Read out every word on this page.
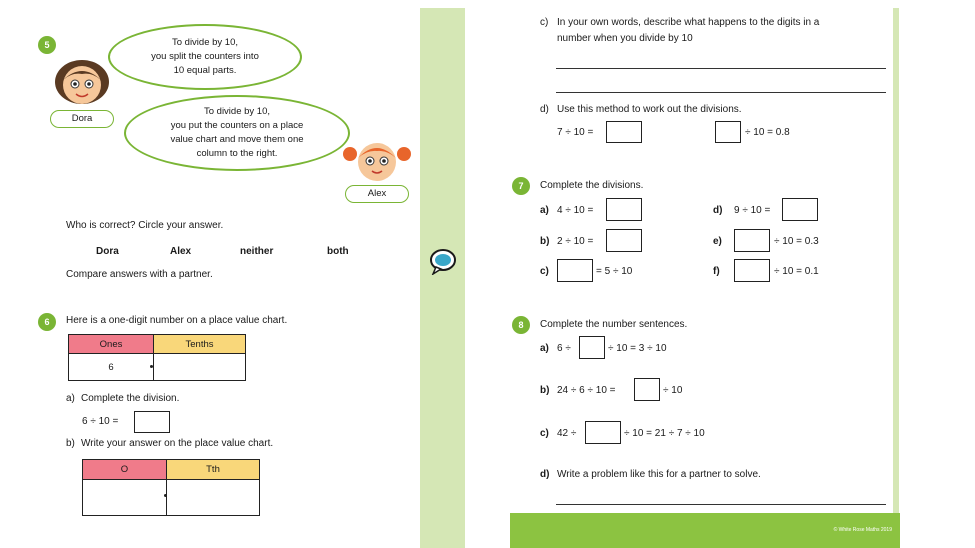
© White Rose Maths 2019
5
Dora
To divide by 10,
you split the counters into
10 equal parts.
To divide by 10,
you put the counters on a place
value chart and move them one
column to the right.
Alex
Who is correct? Circle your answer.
Dora	Alex	neither	both
Compare answers with a partner.
6	Here is a one-digit number on a place value chart.
Ones	Tenths
6	
a) Complete the division.
6 ÷ 10 =
b) Write your answer on the place value chart.
O	Tth

c) In your own words, describe what happens to the digits in a
number when you divide by 10
d) Use this method to work out the divisions.
7 ÷ 10 =	÷ 10 = 0.8
7	Complete the divisions.
a) 4 ÷ 10 =	d) 9 ÷ 10 =
b) 2 ÷ 10 =	e)	÷ 10 = 0.3
c)	= 5 ÷ 10	f)	÷ 10 = 0.1
8	Complete the number sentences.
a) 6 ÷	÷ 10 = 3 ÷ 10
b) 24 ÷ 6 ÷ 10 =	÷ 10
c) 42 ÷	÷ 10 = 21 ÷ 7 ÷ 10
d) Write a problem like this for a partner to solve.
